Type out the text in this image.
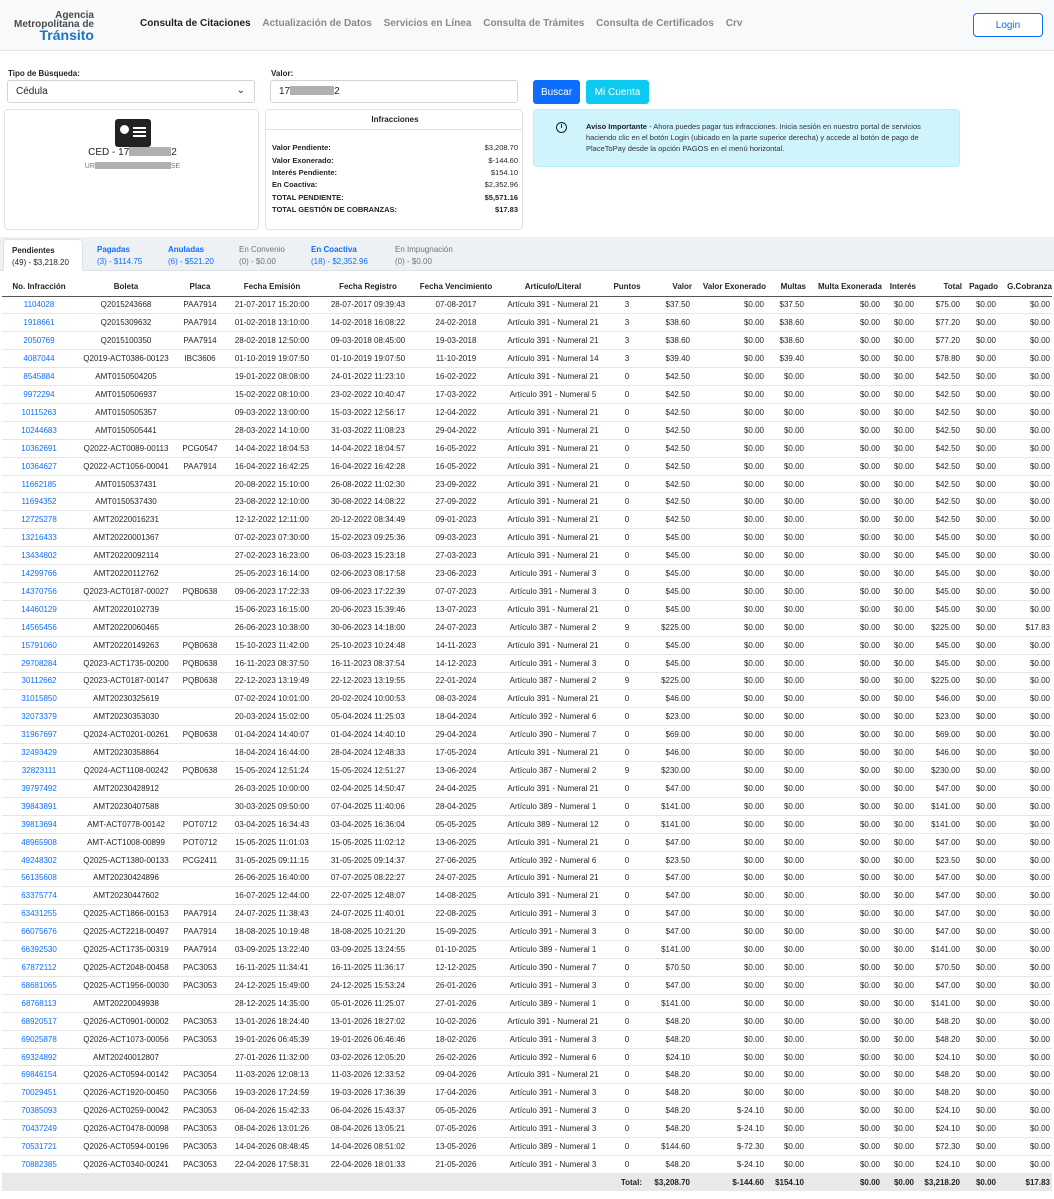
Agencia
Metropolitana de
Tránsito
Consulta de Citaciones Actualización de Datos Servicios en Línea Consulta de Trámites Consulta de Certificados Crv	Login
Tipo de Búsqueda:
Cédula	⌄
Valor:
17	2	Buscar	Mi Cuenta
CED - 17	2
UR	SE
Infracciones
Valor Pendiente:	$3,208.70
Valor Exonerado:	$-144.60
Interés Pendiente:	$154.10
En Coactiva:	$2,352.96
TOTAL PENDIENTE:	$5,571.16
TOTAL GESTIÓN DE COBRANZAS:	$17.83
i	Aviso Importante - Ahora puedes pagar tus infracciones. Inicia sesión en nuestro portal de servicios haciendo clic en el botón Login (ubicado en la parte superior derecha) y accede al botón de pago de PlaceToPay desde la opción PAGOS en el menú horizontal.
Pendientes
(49) - $3,218.20
Pagadas
(3) - $114.75
Anuladas
(6) - $521.20
En Convenio
(0) - $0.00
En Coactiva
(18) - $2,352.96
En Impugnación
(0) - $0.00
No. Infracción	Boleta	Placa	Fecha Emisión	Fecha Registro	Fecha Vencimiento	Artículo/Literal	Puntos	Valor	Valor Exonerado	Multas	Multa Exonerada	Interés	Total	Pagado	G.Cobranza
1104028	Q2015243668	PAA7914	21-07-2017 15:20:00	28-07-2017 09:39:43	07-08-2017	Artículo 391 - Numeral 21	3	$37.50	$0.00	$37.50	$0.00	$0.00	$75.00	$0.00	$0.00
1918661	Q2015309632	PAA7914	01-02-2018 13:10:00	14-02-2018 16:08:22	24-02-2018	Artículo 391 - Numeral 21	3	$38.60	$0.00	$38.60	$0.00	$0.00	$77.20	$0.00	$0.00
2050769	Q2015100350	PAA7914	28-02-2018 12:50:00	09-03-2018 08:45:00	19-03-2018	Artículo 391 - Numeral 21	3	$38.60	$0.00	$38.60	$0.00	$0.00	$77.20	$0.00	$0.00
4087044	Q2019-ACT0386-00123	IBC3606	01-10-2019 19:07:50	01-10-2019 19:07:50	11-10-2019	Artículo 391 - Numeral 14	3	$39.40	$0.00	$39.40	$0.00	$0.00	$78.80	$0.00	$0.00
8545884	AMT0150504205		19-01-2022 08:08:00	24-01-2022 11:23:10	16-02-2022	Artículo 391 - Numeral 21	0	$42.50	$0.00	$0.00	$0.00	$0.00	$42.50	$0.00	$0.00
9972294	AMT0150506937		15-02-2022 08:10:00	23-02-2022 10:40:47	17-03-2022	Artículo 391 - Numeral 5	0	$42.50	$0.00	$0.00	$0.00	$0.00	$42.50	$0.00	$0.00
10115263	AMT0150505357		09-03-2022 13:00:00	15-03-2022 12:56:17	12-04-2022	Artículo 391 - Numeral 21	0	$42.50	$0.00	$0.00	$0.00	$0.00	$42.50	$0.00	$0.00
10244683	AMT0150505441		28-03-2022 14:10:00	31-03-2022 11:08:23	29-04-2022	Artículo 391 - Numeral 21	0	$42.50	$0.00	$0.00	$0.00	$0.00	$42.50	$0.00	$0.00
10362691	Q2022-ACT0089-00113	PCG0547	14-04-2022 18:04:53	14-04-2022 18:04:57	16-05-2022	Artículo 391 - Numeral 21	0	$42.50	$0.00	$0.00	$0.00	$0.00	$42.50	$0.00	$0.00
10364627	Q2022-ACT1056-00041	PAA7914	16-04-2022 16:42:25	16-04-2022 16:42:28	16-05-2022	Artículo 391 - Numeral 21	0	$42.50	$0.00	$0.00	$0.00	$0.00	$42.50	$0.00	$0.00
11662185	AMT0150537431		20-08-2022 15:10:00	26-08-2022 11:02:30	23-09-2022	Artículo 391 - Numeral 21	0	$42.50	$0.00	$0.00	$0.00	$0.00	$42.50	$0.00	$0.00
11694352	AMT0150537430		23-08-2022 12:10:00	30-08-2022 14:08:22	27-09-2022	Artículo 391 - Numeral 21	0	$42.50	$0.00	$0.00	$0.00	$0.00	$42.50	$0.00	$0.00
12725278	AMT20220016231		12-12-2022 12:11:00	20-12-2022 08:34:49	09-01-2023	Artículo 391 - Numeral 21	0	$42.50	$0.00	$0.00	$0.00	$0.00	$42.50	$0.00	$0.00
13216433	AMT20220001367		07-02-2023 07:30:00	15-02-2023 09:25:36	09-03-2023	Artículo 391 - Numeral 21	0	$45.00	$0.00	$0.00	$0.00	$0.00	$45.00	$0.00	$0.00
13434802	AMT20220092114		27-02-2023 16:23:00	06-03-2023 15:23:18	27-03-2023	Artículo 391 - Numeral 21	0	$45.00	$0.00	$0.00	$0.00	$0.00	$45.00	$0.00	$0.00
14299766	AMT20220112762		25-05-2023 16:14:00	02-06-2023 08:17:58	23-06-2023	Artículo 391 - Numeral 3	0	$45.00	$0.00	$0.00	$0.00	$0.00	$45.00	$0.00	$0.00
14370756	Q2023-ACT0187-00027	PQB0638	09-06-2023 17:22:33	09-06-2023 17:22:39	07-07-2023	Artículo 391 - Numeral 3	0	$45.00	$0.00	$0.00	$0.00	$0.00	$45.00	$0.00	$0.00
14460129	AMT20220102739		15-06-2023 16:15:00	20-06-2023 15:39:46	13-07-2023	Artículo 391 - Numeral 21	0	$45.00	$0.00	$0.00	$0.00	$0.00	$45.00	$0.00	$0.00
14565456	AMT20220060465		26-06-2023 10:38:00	30-06-2023 14:18:00	24-07-2023	Artículo 387 - Numeral 2	9	$225.00	$0.00	$0.00	$0.00	$0.00	$225.00	$0.00	$17.83
15791060	AMT20220149263	PQB0638	15-10-2023 11:42:00	25-10-2023 10:24:48	14-11-2023	Artículo 391 - Numeral 21	0	$45.00	$0.00	$0.00	$0.00	$0.00	$45.00	$0.00	$0.00
29708284	Q2023-ACT1735-00200	PQB0638	16-11-2023 08:37:50	16-11-2023 08:37:54	14-12-2023	Artículo 391 - Numeral 3	0	$45.00	$0.00	$0.00	$0.00	$0.00	$45.00	$0.00	$0.00
30112662	Q2023-ACT0187-00147	PQB0638	22-12-2023 13:19:49	22-12-2023 13:19:55	22-01-2024	Artículo 387 - Numeral 2	9	$225.00	$0.00	$0.00	$0.00	$0.00	$225.00	$0.00	$0.00
31015850	AMT20230325619		07-02-2024 10:01:00	20-02-2024 10:00:53	08-03-2024	Artículo 391 - Numeral 21	0	$46.00	$0.00	$0.00	$0.00	$0.00	$46.00	$0.00	$0.00
32073379	AMT20230353030		20-03-2024 15:02:00	05-04-2024 11:25:03	18-04-2024	Artículo 392 - Numeral 6	0	$23.00	$0.00	$0.00	$0.00	$0.00	$23.00	$0.00	$0.00
31967697	Q2024-ACT0201-00261	PQB0638	01-04-2024 14:40:07	01-04-2024 14:40:10	29-04-2024	Artículo 390 - Numeral 7	0	$69.00	$0.00	$0.00	$0.00	$0.00	$69.00	$0.00	$0.00
32493429	AMT20230358864		18-04-2024 16:44:00	28-04-2024 12:48:33	17-05-2024	Artículo 391 - Numeral 21	0	$46.00	$0.00	$0.00	$0.00	$0.00	$46.00	$0.00	$0.00
32823111	Q2024-ACT1108-00242	PQB0638	15-05-2024 12:51:24	15-05-2024 12:51:27	13-06-2024	Artículo 387 - Numeral 2	9	$230.00	$0.00	$0.00	$0.00	$0.00	$230.00	$0.00	$0.00
39797492	AMT20230428912		26-03-2025 10:00:00	02-04-2025 14:50:47	24-04-2025	Artículo 391 - Numeral 21	0	$47.00	$0.00	$0.00	$0.00	$0.00	$47.00	$0.00	$0.00
39843891	AMT20230407588		30-03-2025 09:50:00	07-04-2025 11:40:06	28-04-2025	Artículo 389 - Numeral 1	0	$141.00	$0.00	$0.00	$0.00	$0.00	$141.00	$0.00	$0.00
39813694	AMT-ACT0778-00142	POT0712	03-04-2025 16:34:43	03-04-2025 16:36:04	05-05-2025	Artículo 389 - Numeral 12	0	$141.00	$0.00	$0.00	$0.00	$0.00	$141.00	$0.00	$0.00
48965908	AMT-ACT1008-00899	POT0712	15-05-2025 11:01:03	15-05-2025 11:02:12	13-06-2025	Artículo 391 - Numeral 21	0	$47.00	$0.00	$0.00	$0.00	$0.00	$47.00	$0.00	$0.00
49248302	Q2025-ACT1380-00133	PCG2411	31-05-2025 09:11:15	31-05-2025 09:14:37	27-06-2025	Artículo 392 - Numeral 6	0	$23.50	$0.00	$0.00	$0.00	$0.00	$23.50	$0.00	$0.00
56135608	AMT20230424896		26-06-2025 16:40:00	07-07-2025 08:22:27	24-07-2025	Artículo 391 - Numeral 21	0	$47.00	$0.00	$0.00	$0.00	$0.00	$47.00	$0.00	$0.00
63375774	AMT20230447602		16-07-2025 12:44:00	22-07-2025 12:48:07	14-08-2025	Artículo 391 - Numeral 21	0	$47.00	$0.00	$0.00	$0.00	$0.00	$47.00	$0.00	$0.00
63431255	Q2025-ACT1866-00153	PAA7914	24-07-2025 11:38:43	24-07-2025 11:40:01	22-08-2025	Artículo 391 - Numeral 3	0	$47.00	$0.00	$0.00	$0.00	$0.00	$47.00	$0.00	$0.00
66075676	Q2025-ACT2218-00497	PAA7914	18-08-2025 10:19:48	18-08-2025 10:21:20	15-09-2025	Artículo 391 - Numeral 3	0	$47.00	$0.00	$0.00	$0.00	$0.00	$47.00	$0.00	$0.00
66392530	Q2025-ACT1735-00319	PAA7914	03-09-2025 13:22:40	03-09-2025 13:24:55	01-10-2025	Artículo 389 - Numeral 1	0	$141.00	$0.00	$0.00	$0.00	$0.00	$141.00	$0.00	$0.00
67872112	Q2025-ACT2048-00458	PAC3053	16-11-2025 11:34:41	16-11-2025 11:36:17	12-12-2025	Artículo 390 - Numeral 7	0	$70.50	$0.00	$0.00	$0.00	$0.00	$70.50	$0.00	$0.00
68681065	Q2025-ACT1956-00030	PAC3053	24-12-2025 15:49:00	24-12-2025 15:53:24	26-01-2026	Artículo 391 - Numeral 3	0	$47.00	$0.00	$0.00	$0.00	$0.00	$47.00	$0.00	$0.00
68768113	AMT20220049938		28-12-2025 14:35:00	05-01-2026 11:25:07	27-01-2026	Artículo 389 - Numeral 1	0	$141.00	$0.00	$0.00	$0.00	$0.00	$141.00	$0.00	$0.00
68920517	Q2026-ACT0901-00002	PAC3053	13-01-2026 18:24:40	13-01-2026 18:27:02	10-02-2026	Artículo 391 - Numeral 21	0	$48.20	$0.00	$0.00	$0.00	$0.00	$48.20	$0.00	$0.00
69025878	Q2026-ACT1073-00056	PAC3053	19-01-2026 06:45:39	19-01-2026 06:46:46	18-02-2026	Artículo 391 - Numeral 3	0	$48.20	$0.00	$0.00	$0.00	$0.00	$48.20	$0.00	$0.00
69324892	AMT20240012807		27-01-2026 11:32:00	03-02-2026 12:05:20	26-02-2026	Artículo 392 - Numeral 6	0	$24.10	$0.00	$0.00	$0.00	$0.00	$24.10	$0.00	$0.00
69846154	Q2026-ACT0594-00142	PAC3054	11-03-2026 12:08:13	11-03-2026 12:33:52	09-04-2026	Artículo 391 - Numeral 21	0	$48.20	$0.00	$0.00	$0.00	$0.00	$48.20	$0.00	$0.00
70029451	Q2026-ACT1920-00450	PAC3056	19-03-2026 17:24:59	19-03-2026 17:36:39	17-04-2026	Artículo 391 - Numeral 3	0	$48.20	$0.00	$0.00	$0.00	$0.00	$48.20	$0.00	$0.00
70385093	Q2026-ACT0259-00042	PAC3053	06-04-2026 15:42:33	06-04-2026 15:43:37	05-05-2026	Artículo 391 - Numeral 3	0	$48.20	$-24.10	$0.00	$0.00	$0.00	$24.10	$0.00	$0.00
70437249	Q2026-ACT0478-00098	PAC3053	08-04-2026 13:01:26	08-04-2026 13:05:21	07-05-2026	Artículo 391 - Numeral 3	0	$48.20	$-24.10	$0.00	$0.00	$0.00	$24.10	$0.00	$0.00
70531721	Q2026-ACT0594-00196	PAC3053	14-04-2026 08:48:45	14-04-2026 08:51:02	13-05-2026	Artículo 389 - Numeral 1	0	$144.60	$-72.30	$0.00	$0.00	$0.00	$72.30	$0.00	$0.00
70882385	Q2026-ACT0340-00241	PAC3053	22-04-2026 17:58:31	22-04-2026 18:01:33	21-05-2026	Artículo 391 - Numeral 3	0	$48.20	$-24.10	$0.00	$0.00	$0.00	$24.10	$0.00	$0.00
Total:								$3,208.70	$-144.60	$154.10	$0.00	$0.00	$3,218.20	$0.00	$17.83
